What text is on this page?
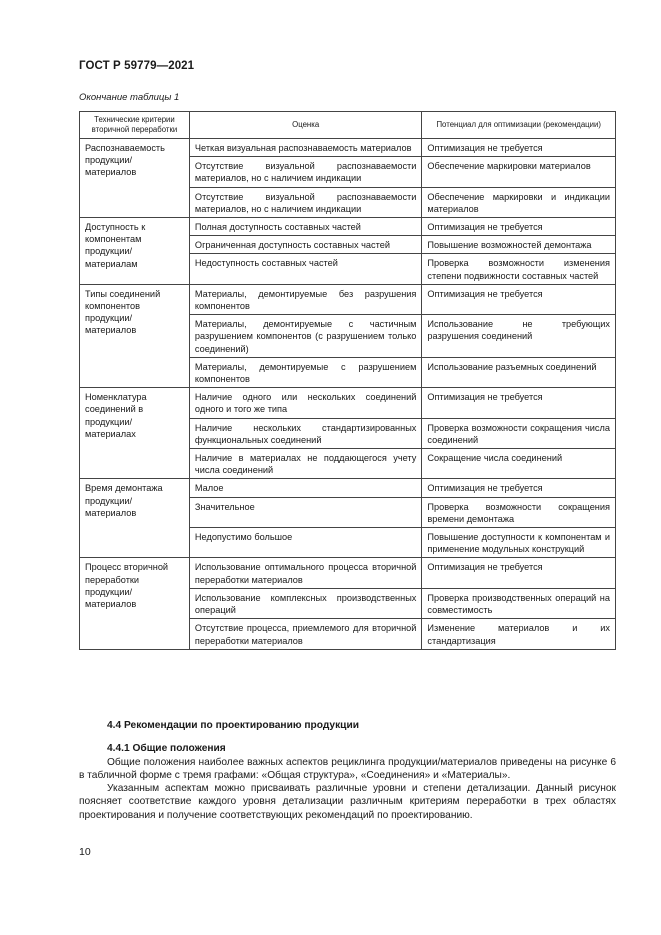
ГОСТ Р 59779—2021
Окончание таблицы 1
Технические критерии вторичной переработки	Оценка	Потенциал для оптимизации (рекомендации)
Распознаваемость продукции/ материалов	Четкая визуальная распознаваемость материалов	Оптимизация не требуется
	Отсутствие визуальной распознаваемости материалов, но с наличием индикации	Обеспечение маркировки материалов
	Отсутствие визуальной распознаваемости материалов, но с наличием индикации	Обеспечение маркировки и индикации материалов
Доступность к компонентам продукции/ материалам	Полная доступность составных частей	Оптимизация не требуется
	Ограниченная доступность составных частей	Повышение возможностей демонтажа
	Недоступность составных частей	Проверка возможности изменения степени подвижности составных частей
Типы соединений компонентов продукции/ материалов	Материалы, демонтируемые без разрушения компонентов	Оптимизация не требуется
	Материалы, демонтируемые с частичным разрушением компонентов (с разрушением только соединений)	Использование не требующих разрушения соединений
	Материалы, демонтируемые с разрушением компонентов	Использование разъемных соединений
Номенклатура соединений в продукции/ материалах	Наличие одного или нескольких соединений одного и того же типа	Оптимизация не требуется
	Наличие нескольких стандартизированных функциональных соединений	Проверка возможности сокращения числа соединений
	Наличие в материалах не поддающегося учету числа соединений	Сокращение числа соединений
Время демонтажа продукции/ материалов	Малое	Оптимизация не требуется
	Значительное	Проверка возможности сокращения времени демонтажа
	Недопустимо большое	Повышение доступности к компонентам и применение модульных конструкций
Процесс вторичной переработки продукции/ материалов	Использование оптимального процесса вторичной переработки материалов	Оптимизация не требуется
	Использование комплексных производственных операций	Проверка производственных операций на совместимость
	Отсутствие процесса, приемлемого для вторичной переработки материалов	Изменение материалов и их стандартизация
4.4 Рекомендации по проектированию продукции
4.4.1 Общие положения
Общие положения наиболее важных аспектов рециклинга продукции/материалов приведены на рисунке 6 в табличной форме с тремя графами: «Общая структура», «Соединения» и «Материалы».
Указанным аспектам можно присваивать различные уровни и степени детализации. Данный рисунок поясняет соответствие каждого уровня детализации различным критериям переработки в трех областях проектирования и получение соответствующих рекомендаций по проектированию.
10
